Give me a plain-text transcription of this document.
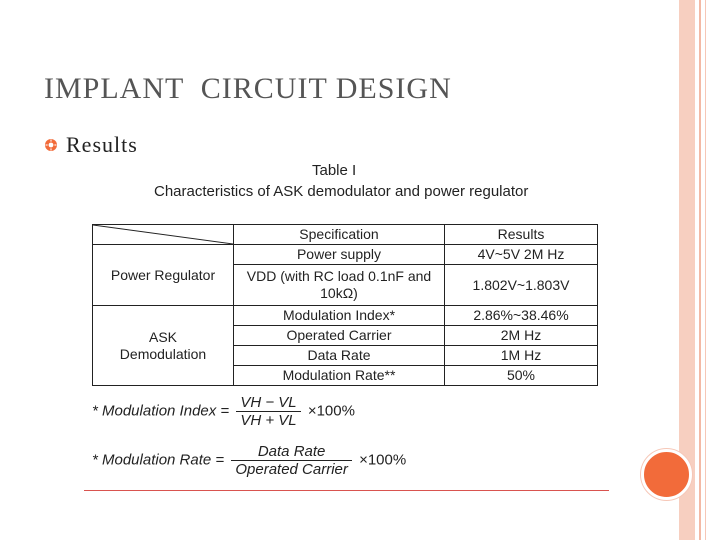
IMPLANT  CIRCUIT DESIGN
Results
Table I
Characteristics of ASK demodulator and power regulator
	Specification	Results
Power Regulator	Power supply	4V~5V 2M Hz
	VDD (with RC load 0.1nF and 10kΩ)	1.802V~1.803V
ASK Demodulation	Modulation Index*	2.86%~38.46%
	Operated Carrier	2M Hz
	Data Rate	1M Hz
	Modulation Rate**	50%
* Modulation Index = $\frac{VH - VL}{VH + VL} \times 100\%$
* Modulation Rate = $\frac{\text{Data Rate}}{\text{Operated Carrier}} \times 100\%$
